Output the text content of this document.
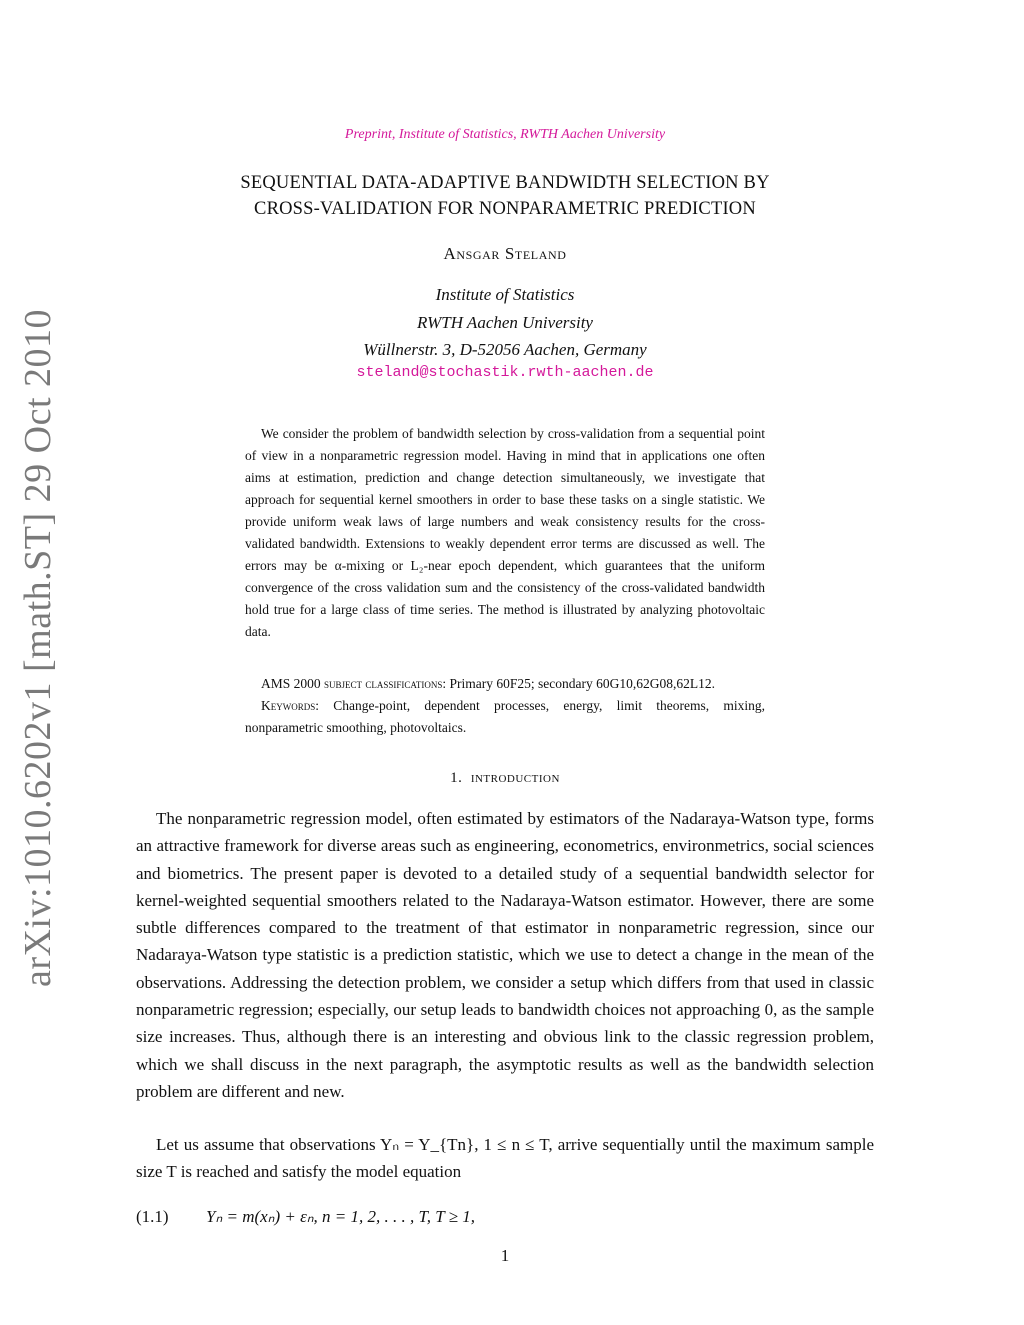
arXiv:1010.6202v1 [math.ST] 29 Oct 2010
Preprint, Institute of Statistics, RWTH Aachen University
SEQUENTIAL DATA-ADAPTIVE BANDWIDTH SELECTION BY
CROSS-VALIDATION FOR NONPARAMETRIC PREDICTION
Ansgar Steland
Institute of Statistics
RWTH Aachen University
Wüllnerstr. 3, D-52056 Aachen, Germany
steland@stochastik.rwth-aachen.de
We consider the problem of bandwidth selection by cross-validation from a sequential point of view in a nonparametric regression model. Having in mind that in applications one often aims at estimation, prediction and change detection simultaneously, we investigate that approach for sequential kernel smoothers in order to base these tasks on a single statistic. We provide uniform weak laws of large numbers and weak consistency results for the cross-validated bandwidth. Extensions to weakly dependent error terms are discussed as well. The errors may be α-mixing or L₂-near epoch dependent, which guarantees that the uniform convergence of the cross validation sum and the consistency of the cross-validated bandwidth hold true for a large class of time series. The method is illustrated by analyzing photovoltaic data.
AMS 2000 subject classifications: Primary 60F25; secondary 60G10,62G08,62L12.
Keywords: Change-point, dependent processes, energy, limit theorems, mixing, nonparametric smoothing, photovoltaics.
1. introduction
The nonparametric regression model, often estimated by estimators of the Nadaraya-Watson type, forms an attractive framework for diverse areas such as engineering, econometrics, environmetrics, social sciences and biometrics. The present paper is devoted to a detailed study of a sequential bandwidth selector for kernel-weighted sequential smoothers related to the Nadaraya-Watson estimator. However, there are some subtle differences compared to the treatment of that estimator in nonparametric regression, since our Nadaraya-Watson type statistic is a prediction statistic, which we use to detect a change in the mean of the observations. Addressing the detection problem, we consider a setup which differs from that used in classic nonparametric regression; especially, our setup leads to bandwidth choices not approaching 0, as the sample size increases. Thus, although there is an interesting and obvious link to the classic regression problem, which we shall discuss in the next paragraph, the asymptotic results as well as the bandwidth selection problem are different and new.
Let us assume that observations Yₙ = Y_{Tn}, 1 ≤ n ≤ T, arrive sequentially until the maximum sample size T is reached and satisfy the model equation
(1.1) Yₙ = m(xₙ) + εₙ, n = 1, 2, . . . , T, T ≥ 1,
1
